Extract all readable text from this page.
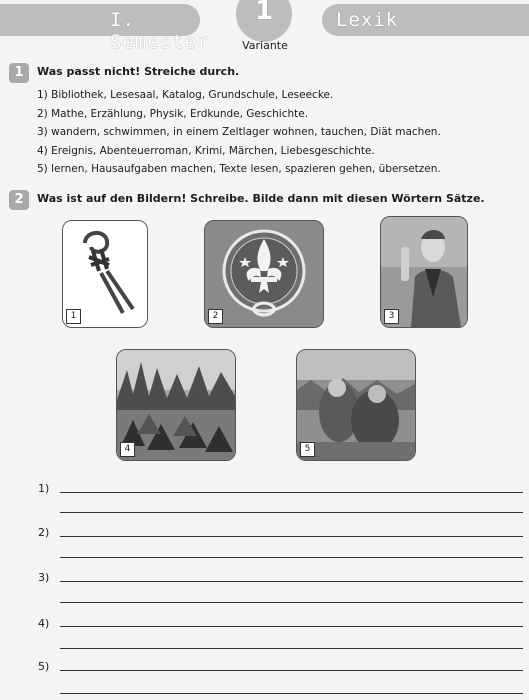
I. Semester
1	Lexik
Variante
1	Was passt nicht! Streiche durch.
1) Bibliothek, Lesesaal, Katalog, Grundschule, Leseecke.
2) Mathe, Erzählung, Physik, Erdkunde, Geschichte.
3) wandern, schwimmen, in einem Zeltlager wohnen, tauchen, Diät machen.
4) Ereignis, Abenteuerroman, Krimi, Märchen, Liebesgeschichte.
5) lernen, Hausaufgaben machen, Texte lesen, spazieren gehen, übersetzen.
2	Was ist auf den Bildern! Schreibe. Bilde dann mit diesen Wörtern Sätze.
1	2	3
4	5
1)
2)
3)
4)
5)
